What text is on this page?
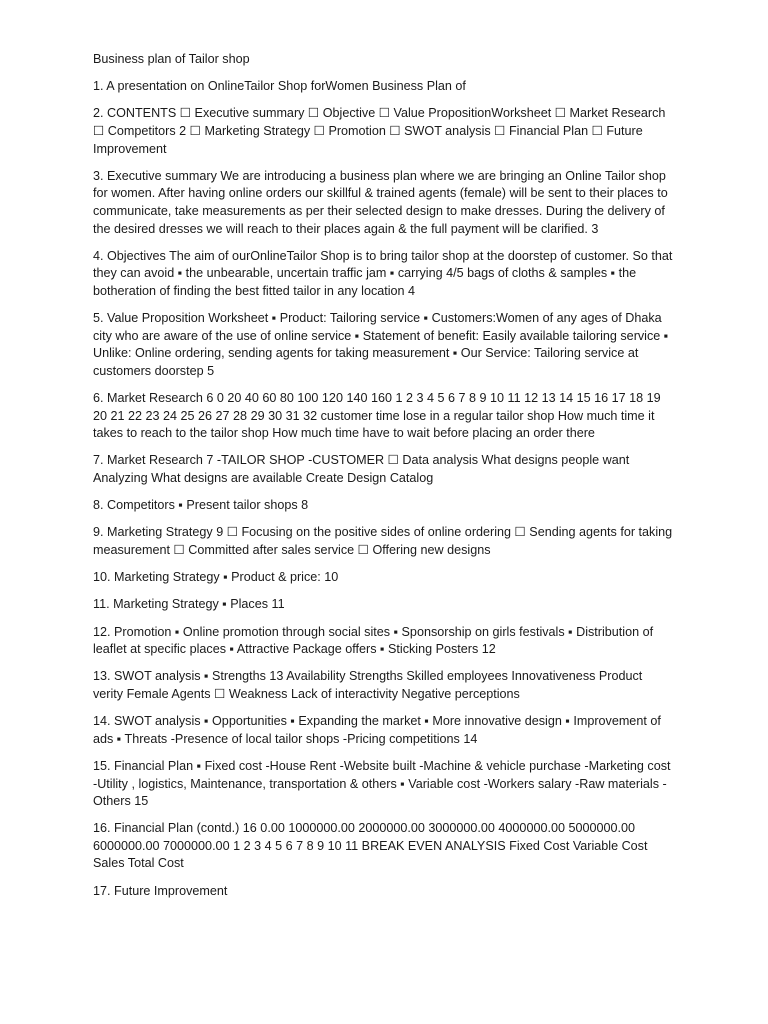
Business plan of Tailor shop

1. A presentation on OnlineTailor Shop forWomen Business Plan of

2. CONTENTS ☐ Executive summary ☐ Objective ☐ Value PropositionWorksheet ☐ Market Research ☐ Competitors 2 ☐ Marketing Strategy ☐ Promotion ☐ SWOT analysis ☐ Financial Plan ☐ Future Improvement

3. Executive summary We are introducing a business plan where we are bringing an Online Tailor shop for women. After having online orders our skillful & trained agents (female) will be sent to their places to communicate, take measurements as per their selected design to make dresses. During the delivery of the desired dresses we will reach to their places again & the full payment will be clarified. 3

4. Objectives The aim of ourOnlineTailor Shop is to bring tailor shop at the doorstep of customer. So that they can avoid ▪ the unbearable, uncertain traffic jam ▪ carrying 4/5 bags of cloths & samples ▪ the botheration of finding the best fitted tailor in any location 4

5. Value Proposition Worksheet ▪ Product: Tailoring service ▪ Customers:Women of any ages of Dhaka city who are aware of the use of online service ▪ Statement of benefit: Easily available tailoring service ▪ Unlike: Online ordering, sending agents for taking measurement ▪ Our Service: Tailoring service at customers doorstep 5

6. Market Research 6 0 20 40 60 80 100 120 140 160 1 2 3 4 5 6 7 8 9 10 11 12 13 14 15 16 17 18 19 20 21 22 23 24 25 26 27 28 29 30 31 32 customer time lose in a regular tailor shop How much time it takes to reach to the tailor shop How much time have to wait before placing an order there

7. Market Research 7 -TAILOR SHOP -CUSTOMER ☐ Data analysis What designs people want Analyzing What designs are available Create Design Catalog

8. Competitors ▪ Present tailor shops 8

9. Marketing Strategy 9 ☐ Focusing on the positive sides of online ordering ☐ Sending agents for taking measurement ☐ Committed after sales service ☐ Offering new designs

10. Marketing Strategy ▪ Product & price: 10

11. Marketing Strategy ▪ Places 11

12. Promotion ▪ Online promotion through social sites ▪ Sponsorship on girls festivals ▪ Distribution of leaflet at specific places ▪ Attractive Package offers ▪ Sticking Posters 12

13. SWOT analysis ▪ Strengths 13 Availability Strengths Skilled employees Innovativeness Product verity Female Agents ☐ Weakness Lack of interactivity Negative perceptions

14. SWOT analysis ▪ Opportunities ▪ Expanding the market ▪ More innovative design ▪ Improvement of ads ▪ Threats -Presence of local tailor shops -Pricing competitions 14

15. Financial Plan ▪ Fixed cost -House Rent -Website built -Machine & vehicle purchase -Marketing cost -Utility , logistics, Maintenance, transportation & others ▪ Variable cost -Workers salary -Raw materials -Others 15

16. Financial Plan (contd.) 16 0.00 1000000.00 2000000.00 3000000.00 4000000.00 5000000.00 6000000.00 7000000.00 1 2 3 4 5 6 7 8 9 10 11 BREAK EVEN ANALYSIS Fixed Cost Variable Cost Sales Total Cost

17. Future Improvement
